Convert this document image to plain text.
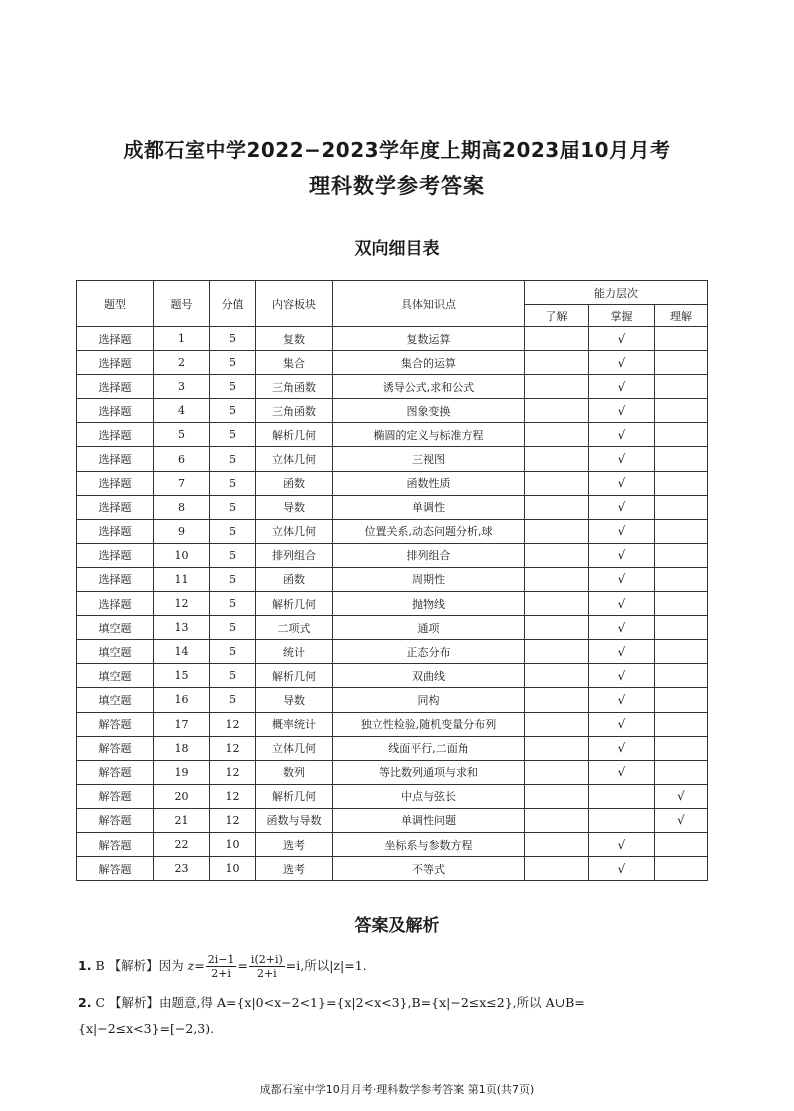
成都石室中学2022−2023学年度上期高2023届10月月考
理科数学参考答案
双向细目表
题型	题号	分值	内容板块	具体知识点	能力层次		
					了解	掌握	理解
选择题	1	5	复数	复数运算		√	
选择题	2	5	集合	集合的运算		√	
选择题	3	5	三角函数	诱导公式,求和公式		√	
选择题	4	5	三角函数	图象变换		√	
选择题	5	5	解析几何	椭圆的定义与标准方程		√	
选择题	6	5	立体几何	三视图		√	
选择题	7	5	函数	函数性质		√	
选择题	8	5	导数	单调性		√	
选择题	9	5	立体几何	位置关系,动态问题分析,球		√	
选择题	10	5	排列组合	排列组合		√	
选择题	11	5	函数	周期性		√	
选择题	12	5	解析几何	抛物线		√	
填空题	13	5	二项式	通项		√	
填空题	14	5	统计	正态分布		√	
填空题	15	5	解析几何	双曲线		√	
填空题	16	5	导数	同构		√	
解答题	17	12	概率统计	独立性检验,随机变量分布列		√	
解答题	18	12	立体几何	线面平行,二面角		√	
解答题	19	12	数列	等比数列通项与求和		√	
解答题	20	12	解析几何	中点与弦长			√
解答题	21	12	函数与导数	单调性问题			√
解答题	22	10	选考	坐标系与参数方程		√	
解答题	23	10	选考	不等式		√	
答案及解析
1. B 【解析】因为 $z= \frac{2i-1}{2+i} = \frac{i(2+i)}{2+i} =i$,所以|z|=1.
2. C 【解析】由题意,得 A={x|0<x−2<1}={x|2<x<3},B={x|−2≤x≤2},所以 A∪B=
{x|−2≤x<3}=[−2,3).
成都石室中学10月月考·理科数学参考答案 第1页(共7页)
